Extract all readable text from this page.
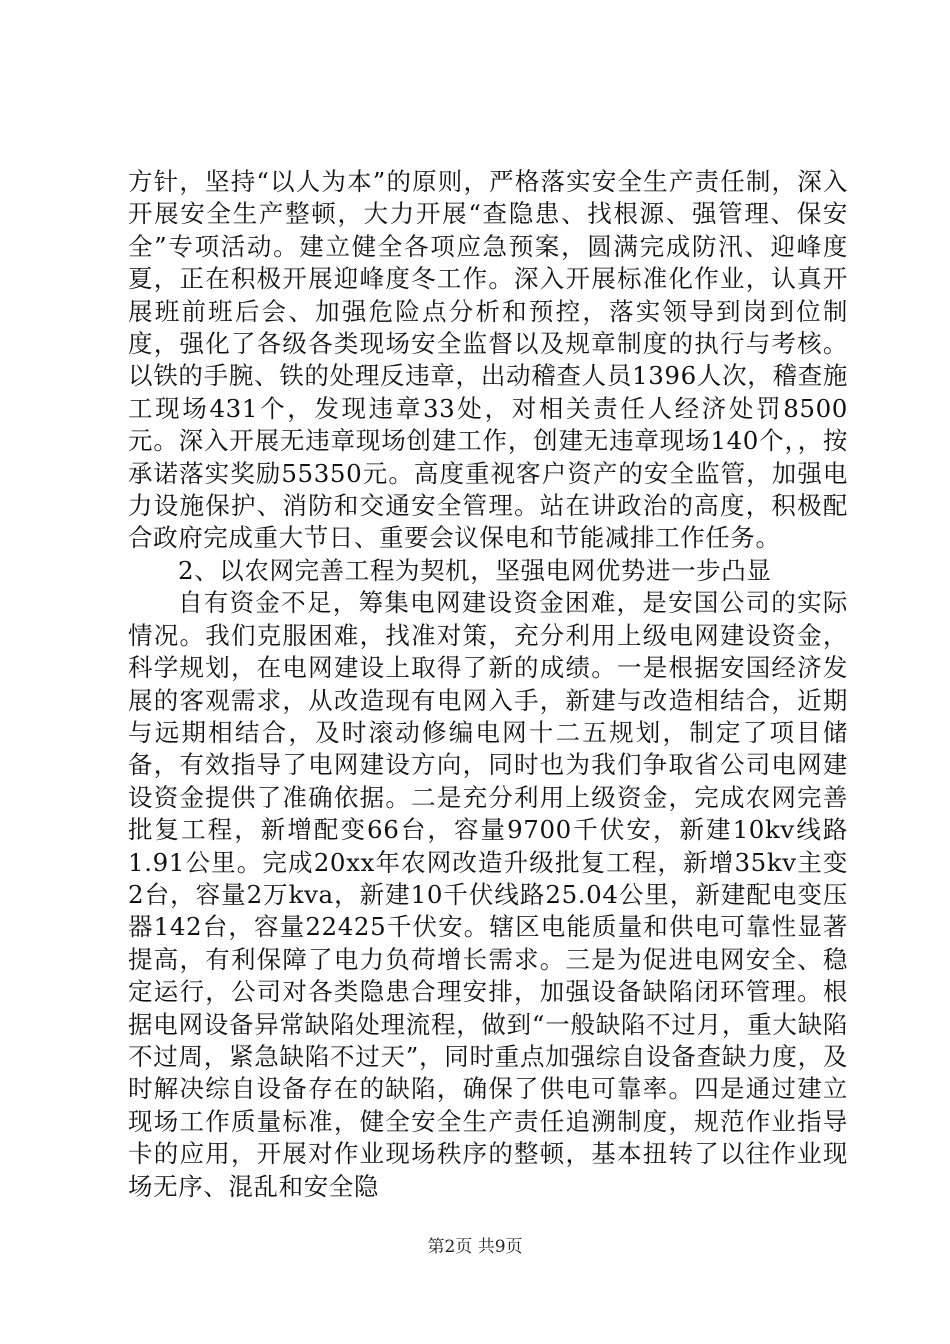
方针，坚持“以人为本”的原则，严格落实安全生产责任制，深入开展安全生产整顿，大力开展“查隐患、找根源、强管理、保安全”专项活动。建立健全各项应急预案，圆满完成防汛、迎峰度夏，正在积极开展迎峰度冬工作。深入开展标准化作业，认真开展班前班后会、加强危险点分析和预控，落实领导到岗到位制度，强化了各级各类现场安全监督以及规章制度的执行与考核。以铁的手腕、铁的处理反违章，出动稽查人员1396人次，稽查施工现场431个，发现违章33处，对相关责任人经济处罚8500元。深入开展无违章现场创建工作，创建无违章现场140个，，按承诺落实奖励55350元。高度重视客户资产的安全监管，加强电力设施保护、消防和交通安全管理。站在讲政治的高度，积极配合政府完成重大节日、重要会议保电和节能减排工作任务。

2、以农网完善工程为契机，坚强电网优势进一步凸显

自有资金不足，筹集电网建设资金困难，是安国公司的实际情况。我们克服困难，找准对策，充分利用上级电网建设资金，科学规划，在电网建设上取得了新的成绩。一是根据安国经济发展的客观需求，从改造现有电网入手，新建与改造相结合，近期与远期相结合，及时滚动修编电网十二五规划，制定了项目储备，有效指导了电网建设方向，同时也为我们争取省公司电网建设资金提供了准确依据。二是充分利用上级资金，完成农网完善批复工程，新增配变66台，容量9700千伏安，新建10kv线路1.91公里。完成20xx年农网改造升级批复工程，新增35kv主变2台，容量2万kva，新建10千伏线路25.04公里，新建配电变压器142台，容量22425千伏安。辖区电能质量和供电可靠性显著提高，有利保障了电力负荷增长需求。三是为促进电网安全、稳定运行，公司对各类隐患合理安排，加强设备缺陷闭环管理。根据电网设备异常缺陷处理流程，做到“一般缺陷不过月，重大缺陷不过周，紧急缺陷不过天”，同时重点加强综自设备查缺力度，及时解决综自设备存在的缺陷，确保了供电可靠率。四是通过建立现场工作质量标准，健全安全生产责任追溯制度，规范作业指导卡的应用，开展对作业现场秩序的整顿，基本扭转了以往作业现场无序、混乱和安全隐

第2页 共9页
